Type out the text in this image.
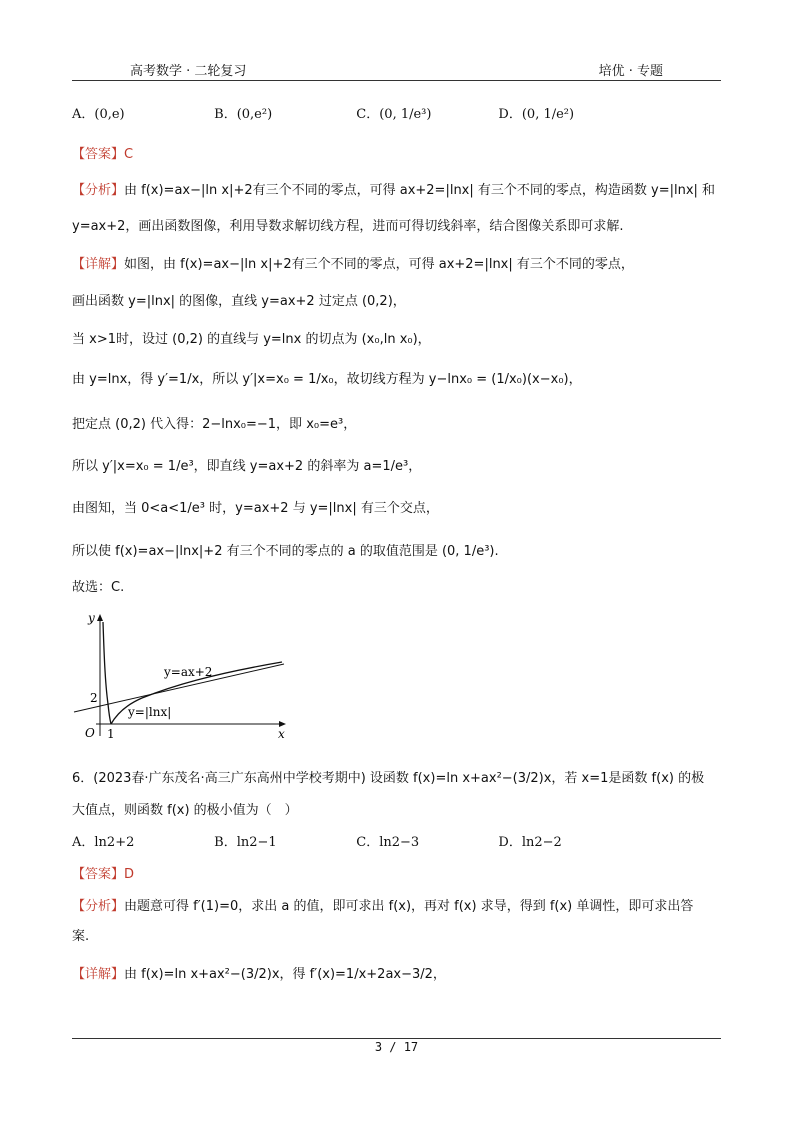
高考数学 · 二轮复习	培优 · 专题
A．(0,e)	B．(0,e²)	C．(0, 1/e³)	D．(0, 1/e²)
【答案】C
【分析】由 f(x)=ax−|ln x|+2有三个不同的零点，可得 ax+2=|lnx| 有三个不同的零点，构造函数 y=|lnx| 和
y=ax+2，画出函数图像，利用导数求解切线方程，进而可得切线斜率，结合图像关系即可求解.
【详解】如图，由 f(x)=ax−|ln x|+2有三个不同的零点，可得 ax+2=|lnx| 有三个不同的零点，
画出函数 y=|lnx| 的图像，直线 y=ax+2 过定点 (0,2)，
当 x>1时，设过 (0,2) 的直线与 y=lnx 的切点为 (x₀,ln x₀)，
由 y=lnx，得 y′=1/x，所以 y′|x=x₀ = 1/x₀，故切线方程为 y−lnx₀ = (1/x₀)(x−x₀)，
把定点 (0,2) 代入得：2−lnx₀=−1，即 x₀=e³，
所以 y′|x=x₀ = 1/e³，即直线 y=ax+2 的斜率为 a=1/e³，
由图知，当 0<a<1/e³ 时，y=ax+2 与 y=|lnx| 有三个交点，
所以使 f(x)=ax−|lnx|+2 有三个不同的零点的 a 的取值范围是 (0, 1/e³).
故选：C.
y
x
O 1
2
y=ax+2
y=|lnx|
6．(2023春·广东茂名·高三广东高州中学校考期中) 设函数 f(x)=ln x+ax²−(3/2)x，若 x=1是函数 f(x) 的极
大值点，则函数 f(x) 的极小值为（　）
A．ln2+2	B．ln2−1	C．ln2−3	D．ln2−2
【答案】D
【分析】由题意可得 f′(1)=0，求出 a 的值，即可求出 f(x)，再对 f(x) 求导，得到 f(x) 单调性，即可求出答
案.
【详解】由 f(x)=ln x+ax²−(3/2)x，得 f′(x)=1/x+2ax−3/2，
3 / 17
